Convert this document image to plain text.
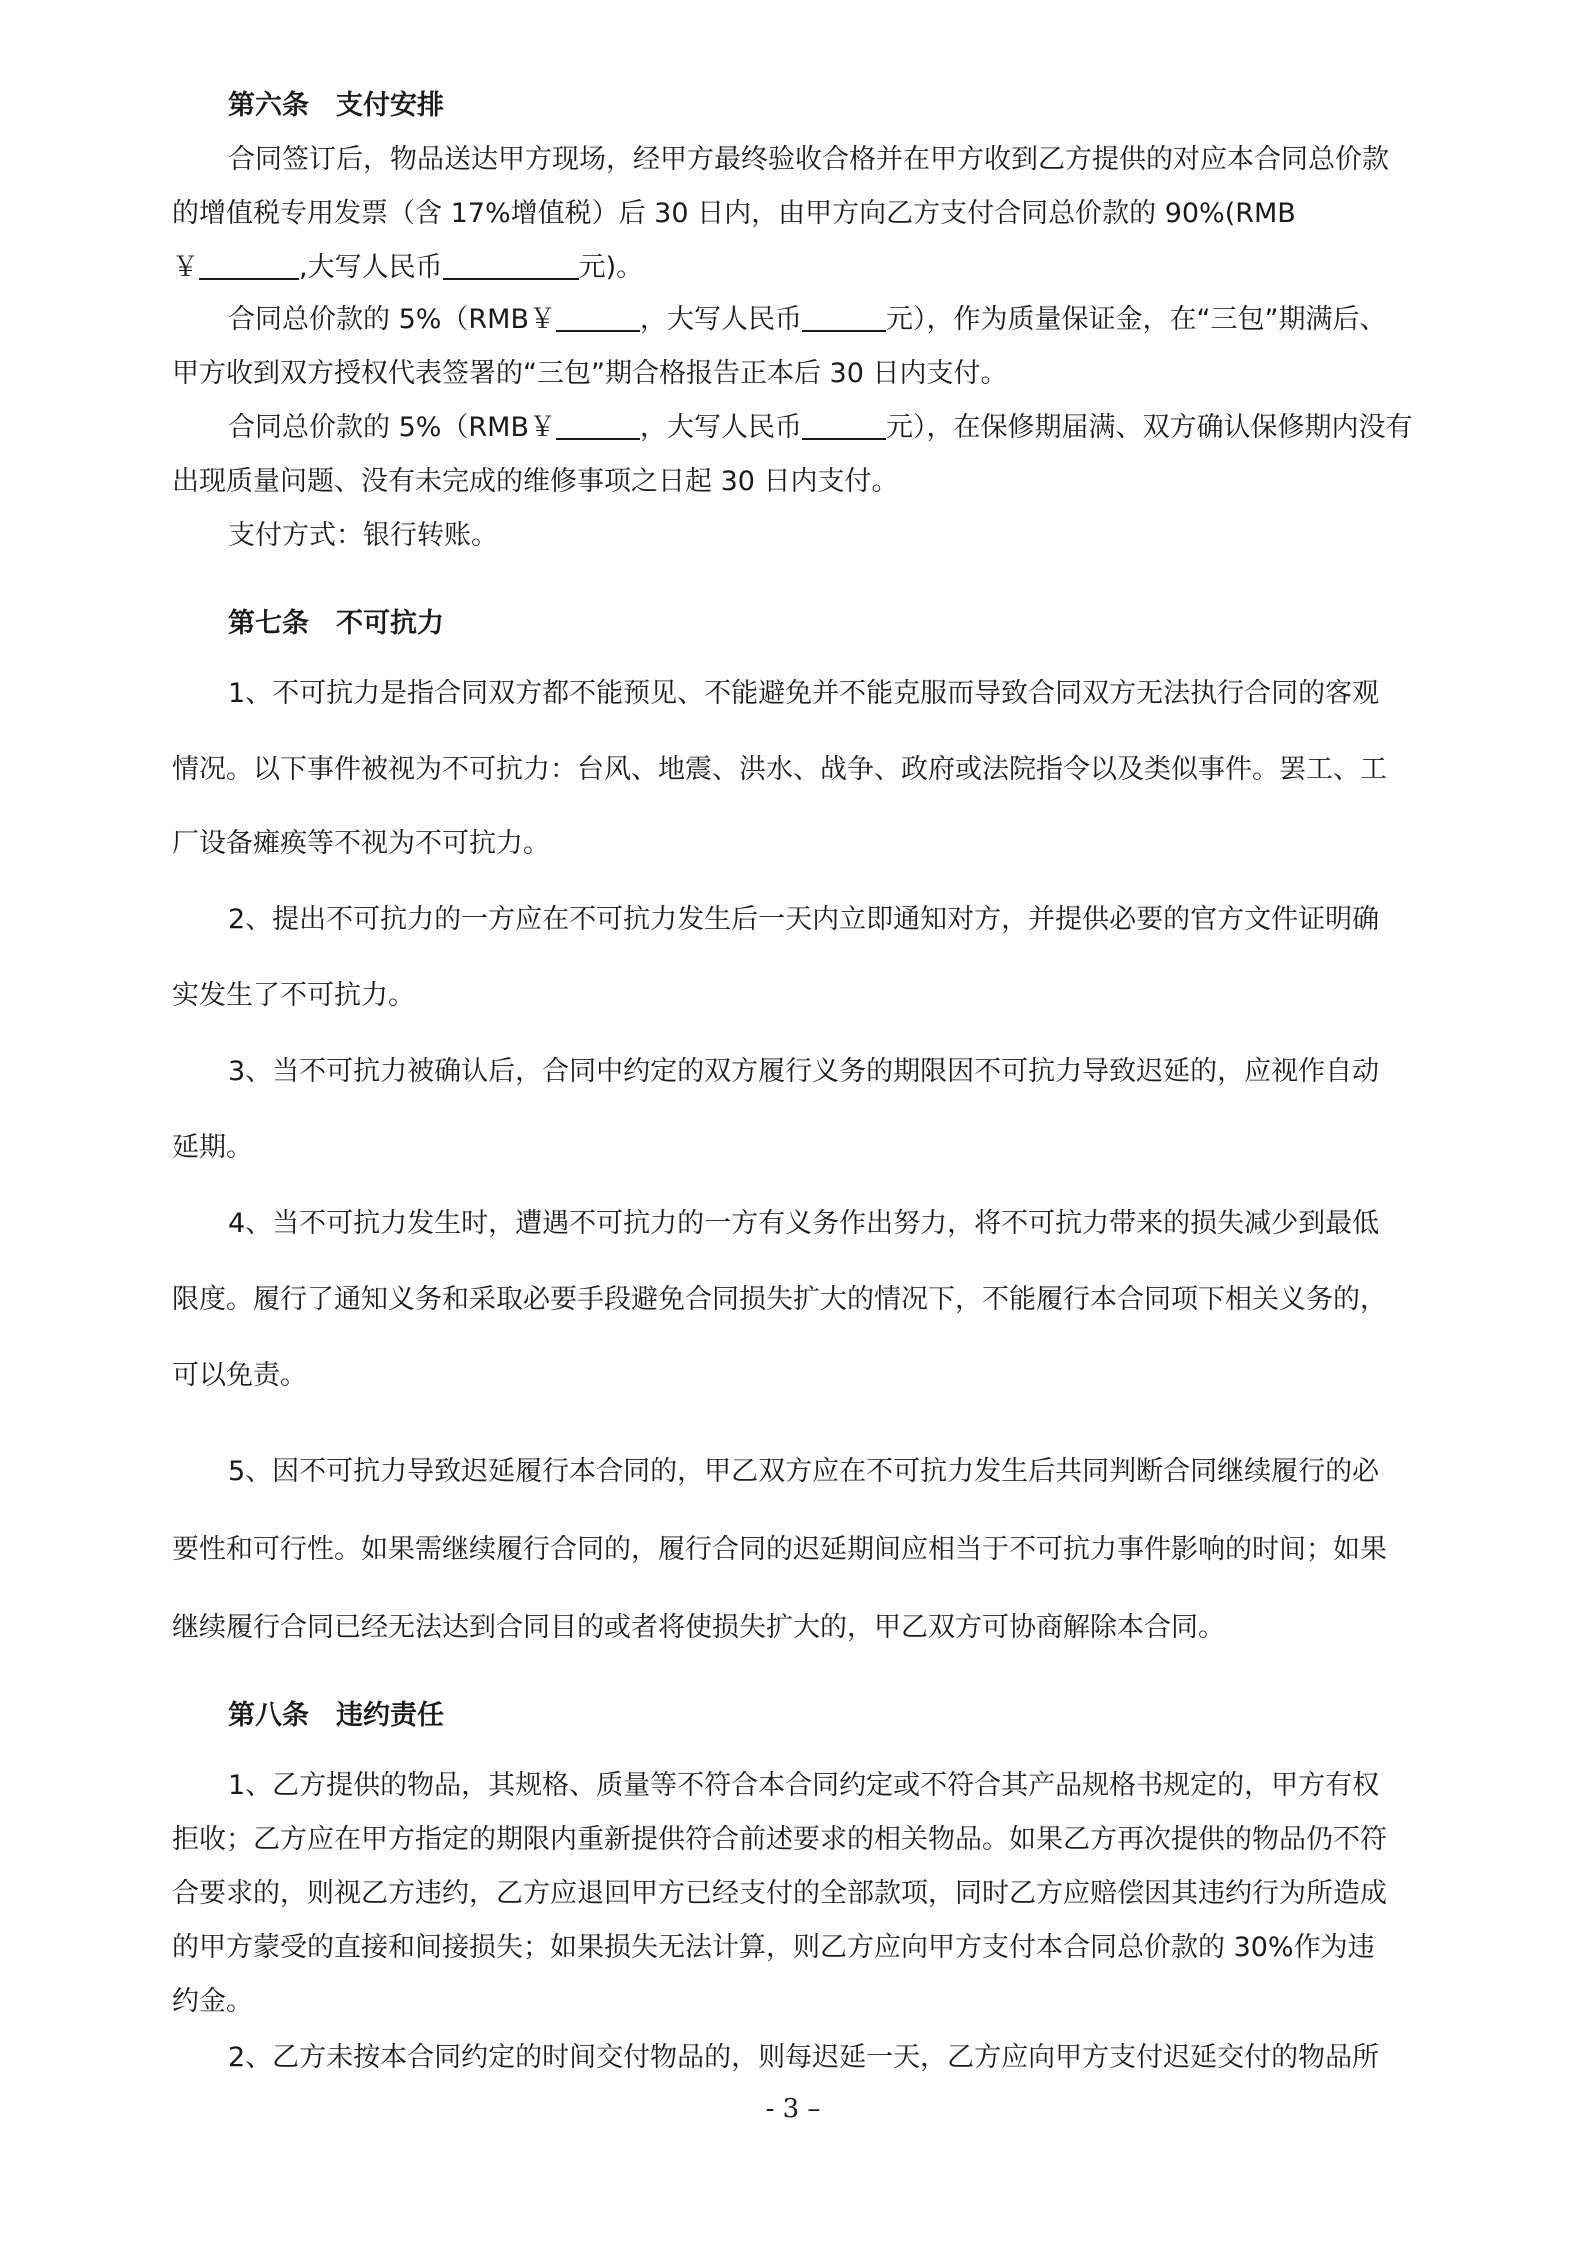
第六条　支付安排
合同签订后，物品送达甲方现场，经甲方最终验收合格并在甲方收到乙方提供的对应本合同总价款
的增值税专用发票（含 17%增值税）后 30 日内，由甲方向乙方支付合同总价款的 90%(RMB
￥	,大写人民币	元)。
合同总价款的 5%（RMB￥	，大写人民币	元），作为质量保证金，在“三包”期满后、
甲方收到双方授权代表签署的“三包”期合格报告正本后 30 日内支付。
合同总价款的 5%（RMB￥	，大写人民币	元），在保修期届满、双方确认保修期内没有
出现质量问题、没有未完成的维修事项之日起 30 日内支付。
支付方式：银行转账。
第七条　不可抗力
1、不可抗力是指合同双方都不能预见、不能避免并不能克服而导致合同双方无法执行合同的客观
情况。以下事件被视为不可抗力：台风、地震、洪水、战争、政府或法院指令以及类似事件。罢工、工
厂设备瘫痪等不视为不可抗力。
2、提出不可抗力的一方应在不可抗力发生后一天内立即通知对方，并提供必要的官方文件证明确
实发生了不可抗力。
3、当不可抗力被确认后，合同中约定的双方履行义务的期限因不可抗力导致迟延的，应视作自动
延期。
4、当不可抗力发生时，遭遇不可抗力的一方有义务作出努力，将不可抗力带来的损失减少到最低
限度。履行了通知义务和采取必要手段避免合同损失扩大的情况下，不能履行本合同项下相关义务的，
可以免责。
5、因不可抗力导致迟延履行本合同的，甲乙双方应在不可抗力发生后共同判断合同继续履行的必
要性和可行性。如果需继续履行合同的，履行合同的迟延期间应相当于不可抗力事件影响的时间；如果
继续履行合同已经无法达到合同目的或者将使损失扩大的，甲乙双方可协商解除本合同。
第八条　违约责任
1、乙方提供的物品，其规格、质量等不符合本合同约定或不符合其产品规格书规定的，甲方有权
拒收；乙方应在甲方指定的期限内重新提供符合前述要求的相关物品。如果乙方再次提供的物品仍不符
合要求的，则视乙方违约，乙方应退回甲方已经支付的全部款项，同时乙方应赔偿因其违约行为所造成
的甲方蒙受的直接和间接损失；如果损失无法计算，则乙方应向甲方支付本合同总价款的 30%作为违
约金。
2、乙方未按本合同约定的时间交付物品的，则每迟延一天，乙方应向甲方支付迟延交付的物品所
- 3 –
